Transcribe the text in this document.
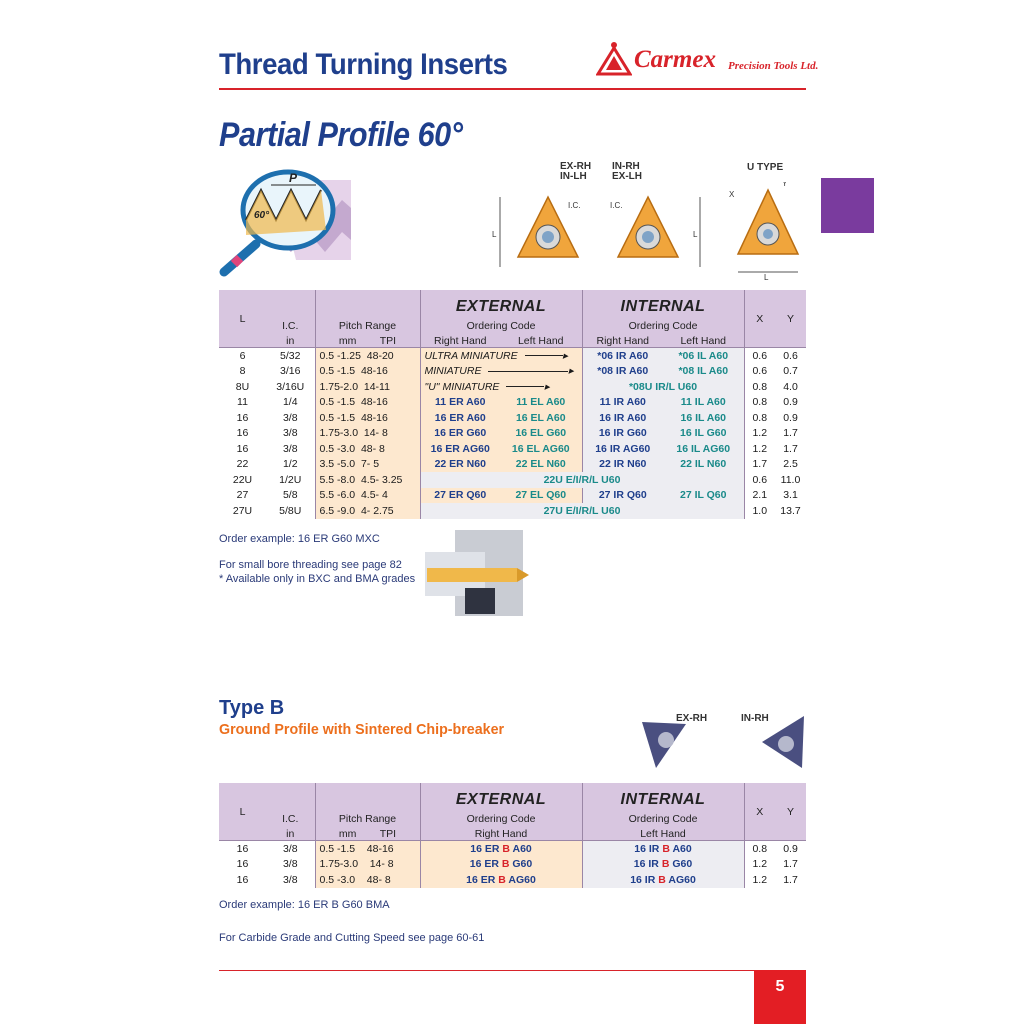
Thread Turning Inserts	Carmex Precision Tools Ltd.
Partial Profile 60°
P
60°
EX-RH
IN-LH
IN-RH
EX-LH
U TYPE
L
I.C.
L
I.C.
L
X
Y
L	I.C.	Pitch Range	EXTERNAL		INTERNAL		X	Y
			Ordering Code		Ordering Code			
	in	mm TPI	Right Hand	Left Hand	Right Hand	Left Hand		
6	5/32	0.5 -1.25 48-20	ULTRA MINIATURE ▸		*06 IR A60	*06 IL A60	0.6	0.6
8	3/16	0.5 -1.5 48-16	MINIATURE ▸		*08 IR A60	*08 IL A60	0.6	0.7
8U	3/16U	1.75-2.0 14-11	"U" MINIATURE ▸		*08U IR/L U60		0.8	4.0
11	1/4	0.5 -1.5 48-16	11 ER A60	11 EL A60	11 IR A60	11 IL A60	0.8	0.9
16	3/8	0.5 -1.5 48-16	16 ER A60	16 EL A60	16 IR A60	16 IL A60	0.8	0.9
16	3/8	1.75-3.0 14- 8	16 ER G60	16 EL G60	16 IR G60	16 IL G60	1.2	1.7
16	3/8	0.5 -3.0 48- 8	16 ER AG60	16 EL AG60	16 IR AG60	16 IL AG60	1.2	1.7
22	1/2	3.5 -5.0 7- 5	22 ER N60	22 EL N60	22 IR N60	22 IL N60	1.7	2.5
22U	1/2U	5.5 -8.0 4.5- 3.25	22U E/I/R/L U60				0.6	11.0
27	5/8	5.5 -6.0 4.5- 4	27 ER Q60	27 EL Q60	27 IR Q60	27 IL Q60	2.1	3.1
27U	5/8U	6.5 -9.0 4- 2.75	27U E/I/R/L U60				1.0	13.7
Order example: 16 ER G60 MXC
For small bore threading see page 82
* Available only in BXC and BMA grades
Type B
Ground Profile with Sintered Chip-breaker
EX-RH	IN-RH
L	I.C.	Pitch Range	EXTERNAL	INTERNAL	X	Y
			Ordering Code	Ordering Code		
	in	mm TPI	Right Hand	Left Hand		
16	3/8	0.5 -1.5 48-16	16 ER B A60	16 IR B A60	0.8	0.9
16	3/8	1.75-3.0 14- 8	16 ER B G60	16 IR B G60	1.2	1.7
16	3/8	0.5 -3.0 48- 8	16 ER B AG60	16 IR B AG60	1.2	1.7
Order example: 16 ER B G60 BMA
For Carbide Grade and Cutting Speed see page 60-61
5
